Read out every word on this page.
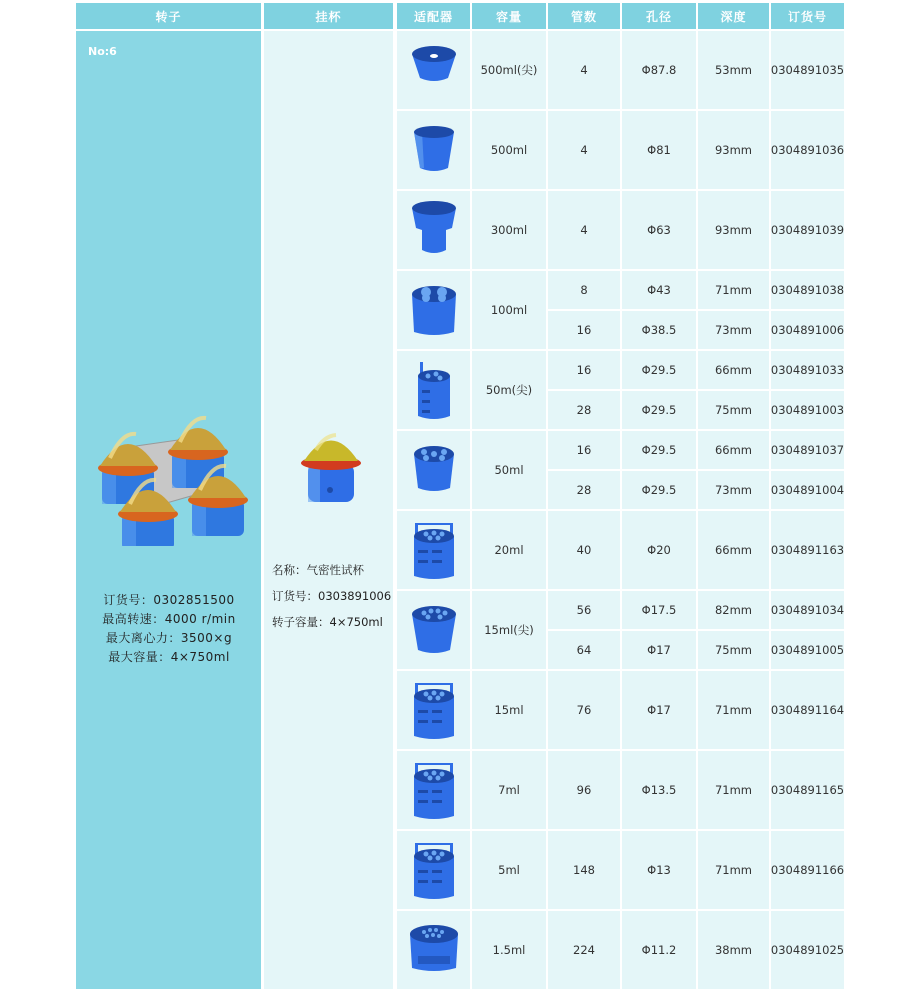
转子	挂杯	适配器	容量	管数	孔径	深度	订货号
No:6
订货号：0302851500
最高转速：4000 r/min
最大离心力：3500×g
最大容量：4×750ml
名称：气密性试杯
订货号：0303891006
转子容量：4×750ml
500ml(尖)	4	Φ87.8	53mm	0304891035
500ml	4	Φ81	93mm	0304891036
300ml	4	Φ63	93mm	0304891039
100ml
8	Φ43	71mm	0304891038
16	Φ38.5	73mm	0304891006
50m(尖)
16	Φ29.5	66mm	0304891033
28	Φ29.5	75mm	0304891003
50ml
16	Φ29.5	66mm	0304891037
28	Φ29.5	73mm	0304891004
20ml	40	Φ20	66mm	0304891163
15ml(尖)
56	Φ17.5	82mm	0304891034
64	Φ17	75mm	0304891005
15ml	76	Φ17	71mm	0304891164
7ml	96	Φ13.5	71mm	0304891165
5ml	148	Φ13	71mm	0304891166
1.5ml	224	Φ11.2	38mm	0304891025
